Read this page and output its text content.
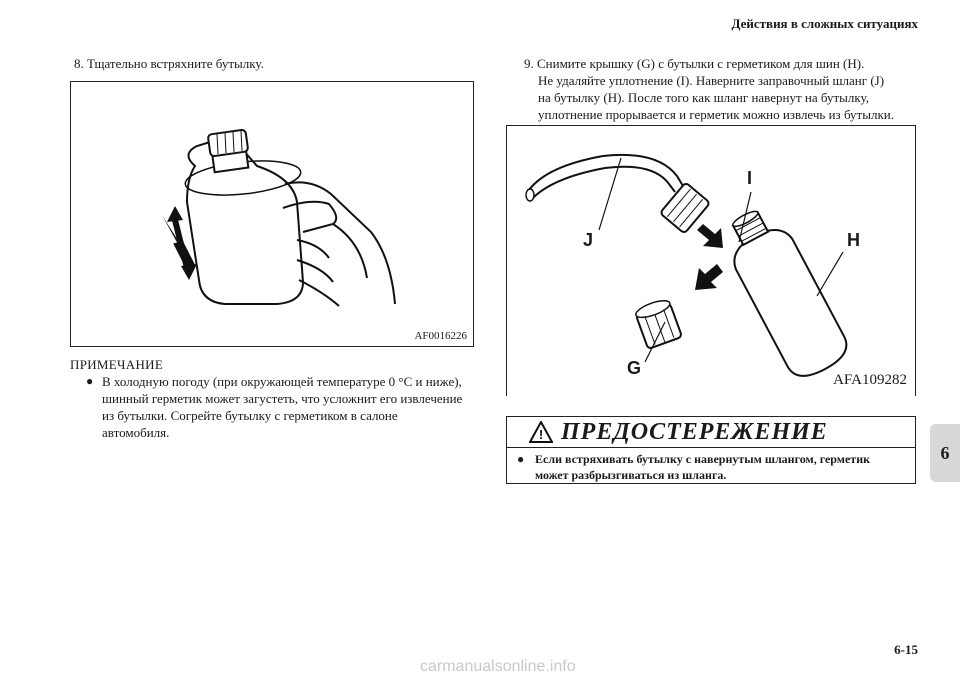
Действия в сложных ситуациях
8. Тщательно встряхните бутылку.
AF0016226
ПРИМЕЧАНИЕ
● В холодную погоду (при окружающей температуре 0 °C и ниже),
шинный герметик может загустеть, что усложнит его извлечение
из бутылки. Согрейте бутылку с герметиком в салоне
автомобиля.
9. Снимите крышку (G) с бутылки с герметиком для шин (H).
Не удаляйте уплотнение (I). Наверните заправочный шланг (J)
на бутылку (H). После того как шланг навернут на бутылку,
уплотнение прорывается и герметик можно извлечь из бутылки.
J
I
H
G
AFA109282
! ПРЕДОСТЕРЕЖЕНИЕ
● Если встряхивать бутылку с навернутым шлангом, герметик
может разбрызгиваться из шланга.
6
6-15
carmanualsonline.info
